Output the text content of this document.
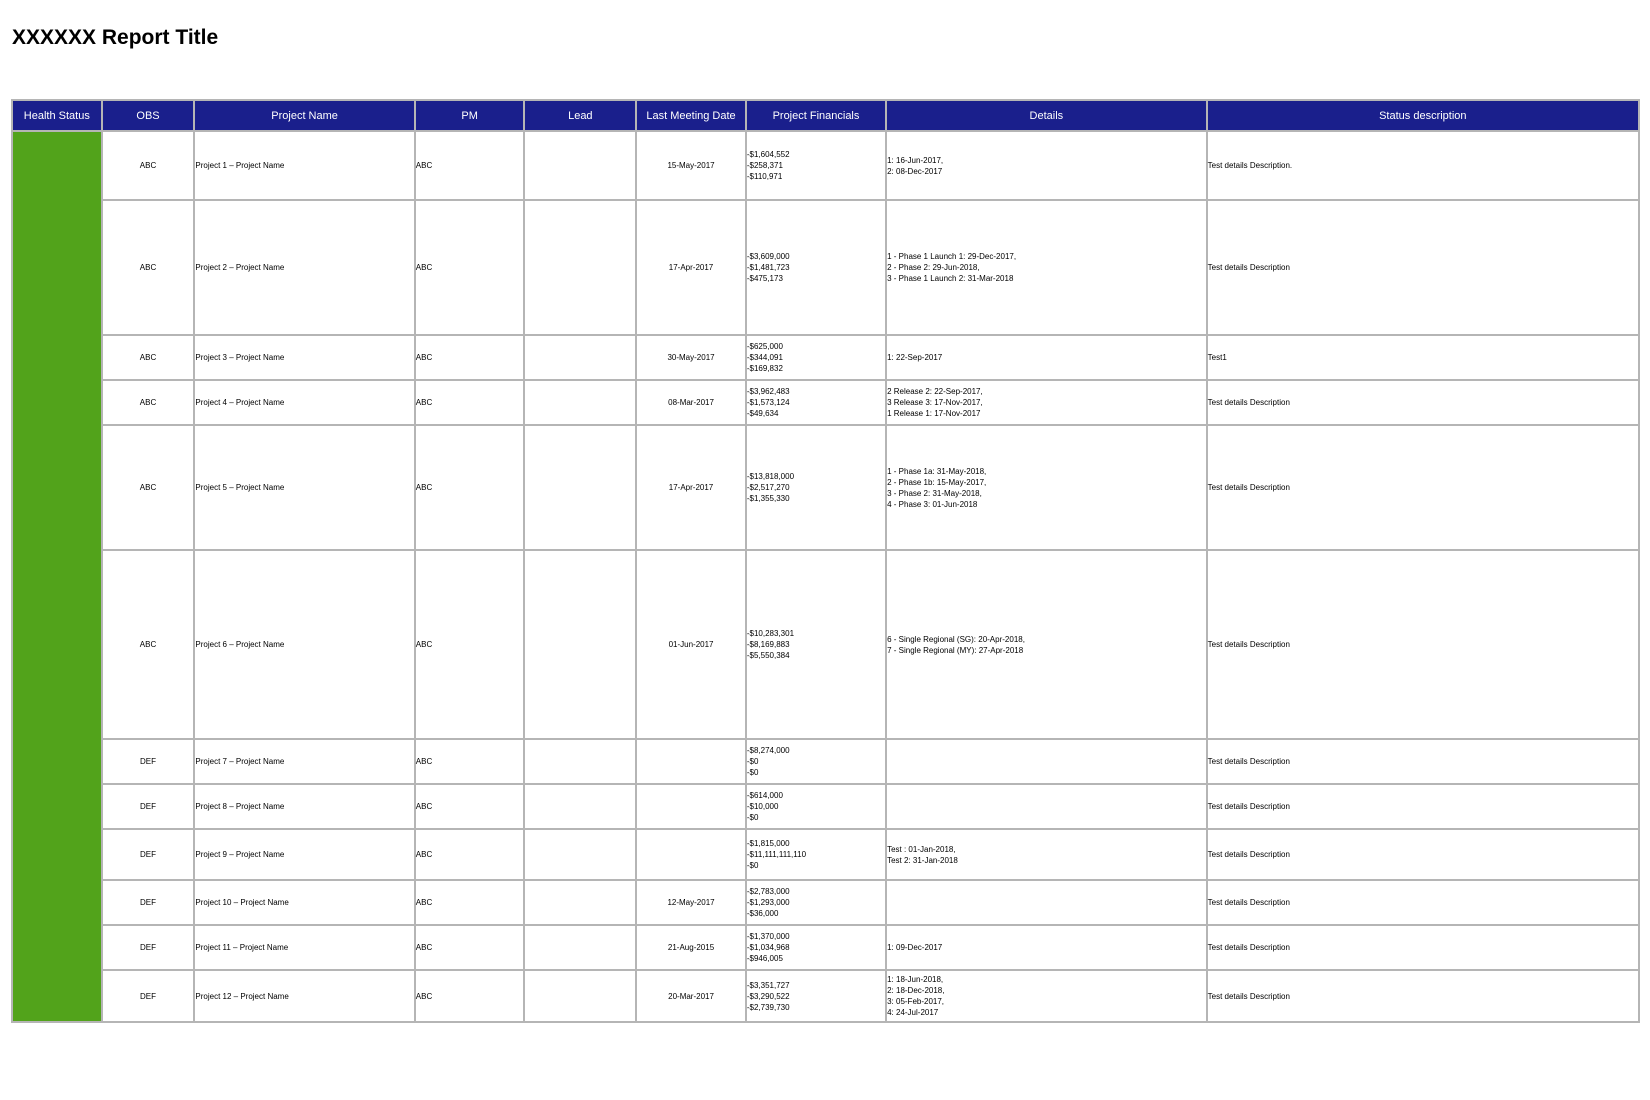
XXXXXX Report Title
Health Status	OBS	Project Name	PM	Lead	Last Meeting Date	Project Financials	Details	Status description
	ABC	Project 1 – Project Name	ABC		15-May-2017	-$1,604,552
-$258,371
-$110,971	1: 16-Jun-2017,
2: 08-Dec-2017	Test details Description.
	ABC	Project 2 – Project Name	ABC		17-Apr-2017	-$3,609,000
-$1,481,723
-$475,173	1 - Phase 1 Launch 1: 29-Dec-2017,
2 - Phase 2: 29-Jun-2018,
3 - Phase 1 Launch 2: 31-Mar-2018	Test details Description
	ABC	Project 3 – Project Name	ABC		30-May-2017	-$625,000
-$344,091
-$169,832	1: 22-Sep-2017	Test1
	ABC	Project 4 – Project Name	ABC		08-Mar-2017	-$3,962,483
-$1,573,124
-$49,634	2 Release 2: 22-Sep-2017,
3 Release 3: 17-Nov-2017,
1 Release 1: 17-Nov-2017	Test details Description
	ABC	Project 5 – Project Name	ABC		17-Apr-2017	-$13,818,000
-$2,517,270
-$1,355,330	1 - Phase 1a: 31-May-2018,
2 - Phase 1b: 15-May-2017,
3 - Phase 2: 31-May-2018,
4 - Phase 3: 01-Jun-2018	Test details Description
	ABC	Project 6 – Project Name	ABC		01-Jun-2017	-$10,283,301
-$8,169,883
-$5,550,384	6 - Single Regional (SG): 20-Apr-2018,
7 - Single Regional (MY): 27-Apr-2018	Test details Description
	DEF	Project 7 – Project Name	ABC			-$8,274,000
-$0
-$0		Test details Description
	DEF	Project 8 – Project Name	ABC			-$614,000
-$10,000
-$0		Test details Description
	DEF	Project 9 – Project Name	ABC			-$1,815,000
-$11,111,111,110
-$0	Test : 01-Jan-2018,
Test 2: 31-Jan-2018	Test details Description
	DEF	Project 10 – Project Name	ABC		12-May-2017	-$2,783,000
-$1,293,000
-$36,000		Test details Description
	DEF	Project 11 – Project Name	ABC		21-Aug-2015	-$1,370,000
-$1,034,968
-$946,005	1: 09-Dec-2017	Test details Description
	DEF	Project 12 – Project Name	ABC		20-Mar-2017	-$3,351,727
-$3,290,522
-$2,739,730	1: 18-Jun-2018,
2: 18-Dec-2018,
3: 05-Feb-2017,
4: 24-Jul-2017	Test details Description
